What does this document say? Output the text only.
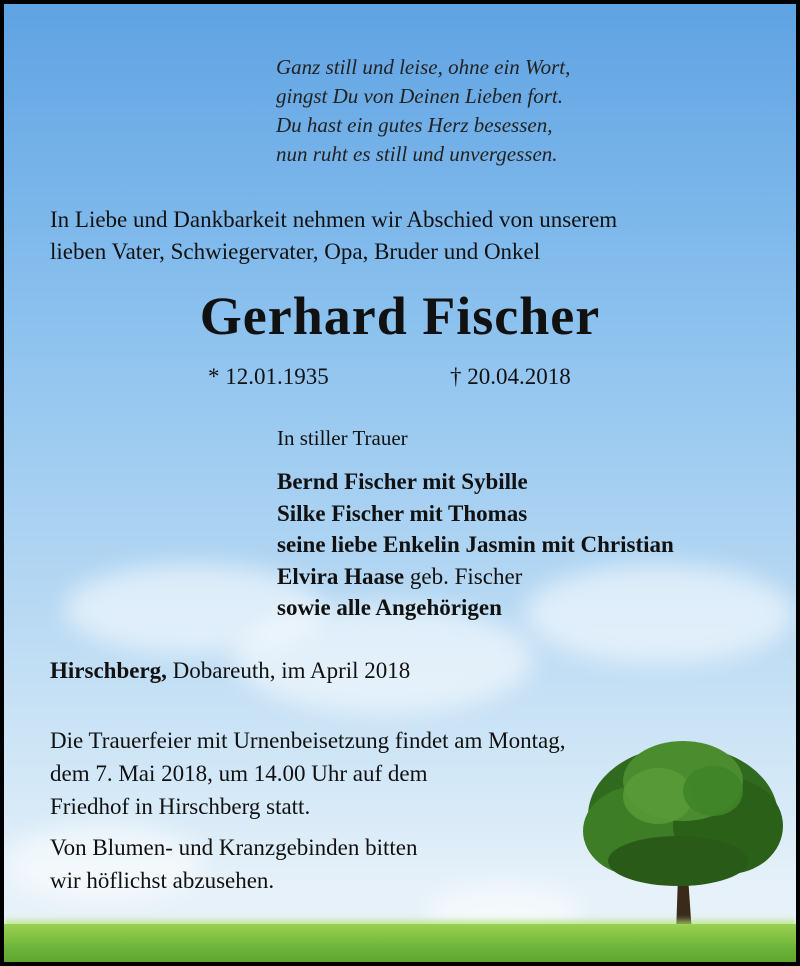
Ganz still und leise, ohne ein Wort,
gingst Du von Deinen Lieben fort.
Du hast ein gutes Herz besessen,
nun ruht es still und unvergessen.
In Liebe und Dankbarkeit nehmen wir Abschied von unserem
lieben Vater, Schwiegervater, Opa, Bruder und Onkel
Gerhard Fischer
* 12.01.1935	† 20.04.2018
In stiller Trauer
Bernd Fischer mit Sybille
Silke Fischer mit Thomas
seine liebe Enkelin Jasmin mit Christian
Elvira Haase geb. Fischer
sowie alle Angehörigen
Hirschberg, Dobareuth, im April 2018
Die Trauerfeier mit Urnenbeisetzung findet am Montag,
dem 7. Mai 2018, um 14.00 Uhr auf dem
Friedhof in Hirschberg statt.
Von Blumen- und Kranzgebinden bitten
wir höflichst abzusehen.
